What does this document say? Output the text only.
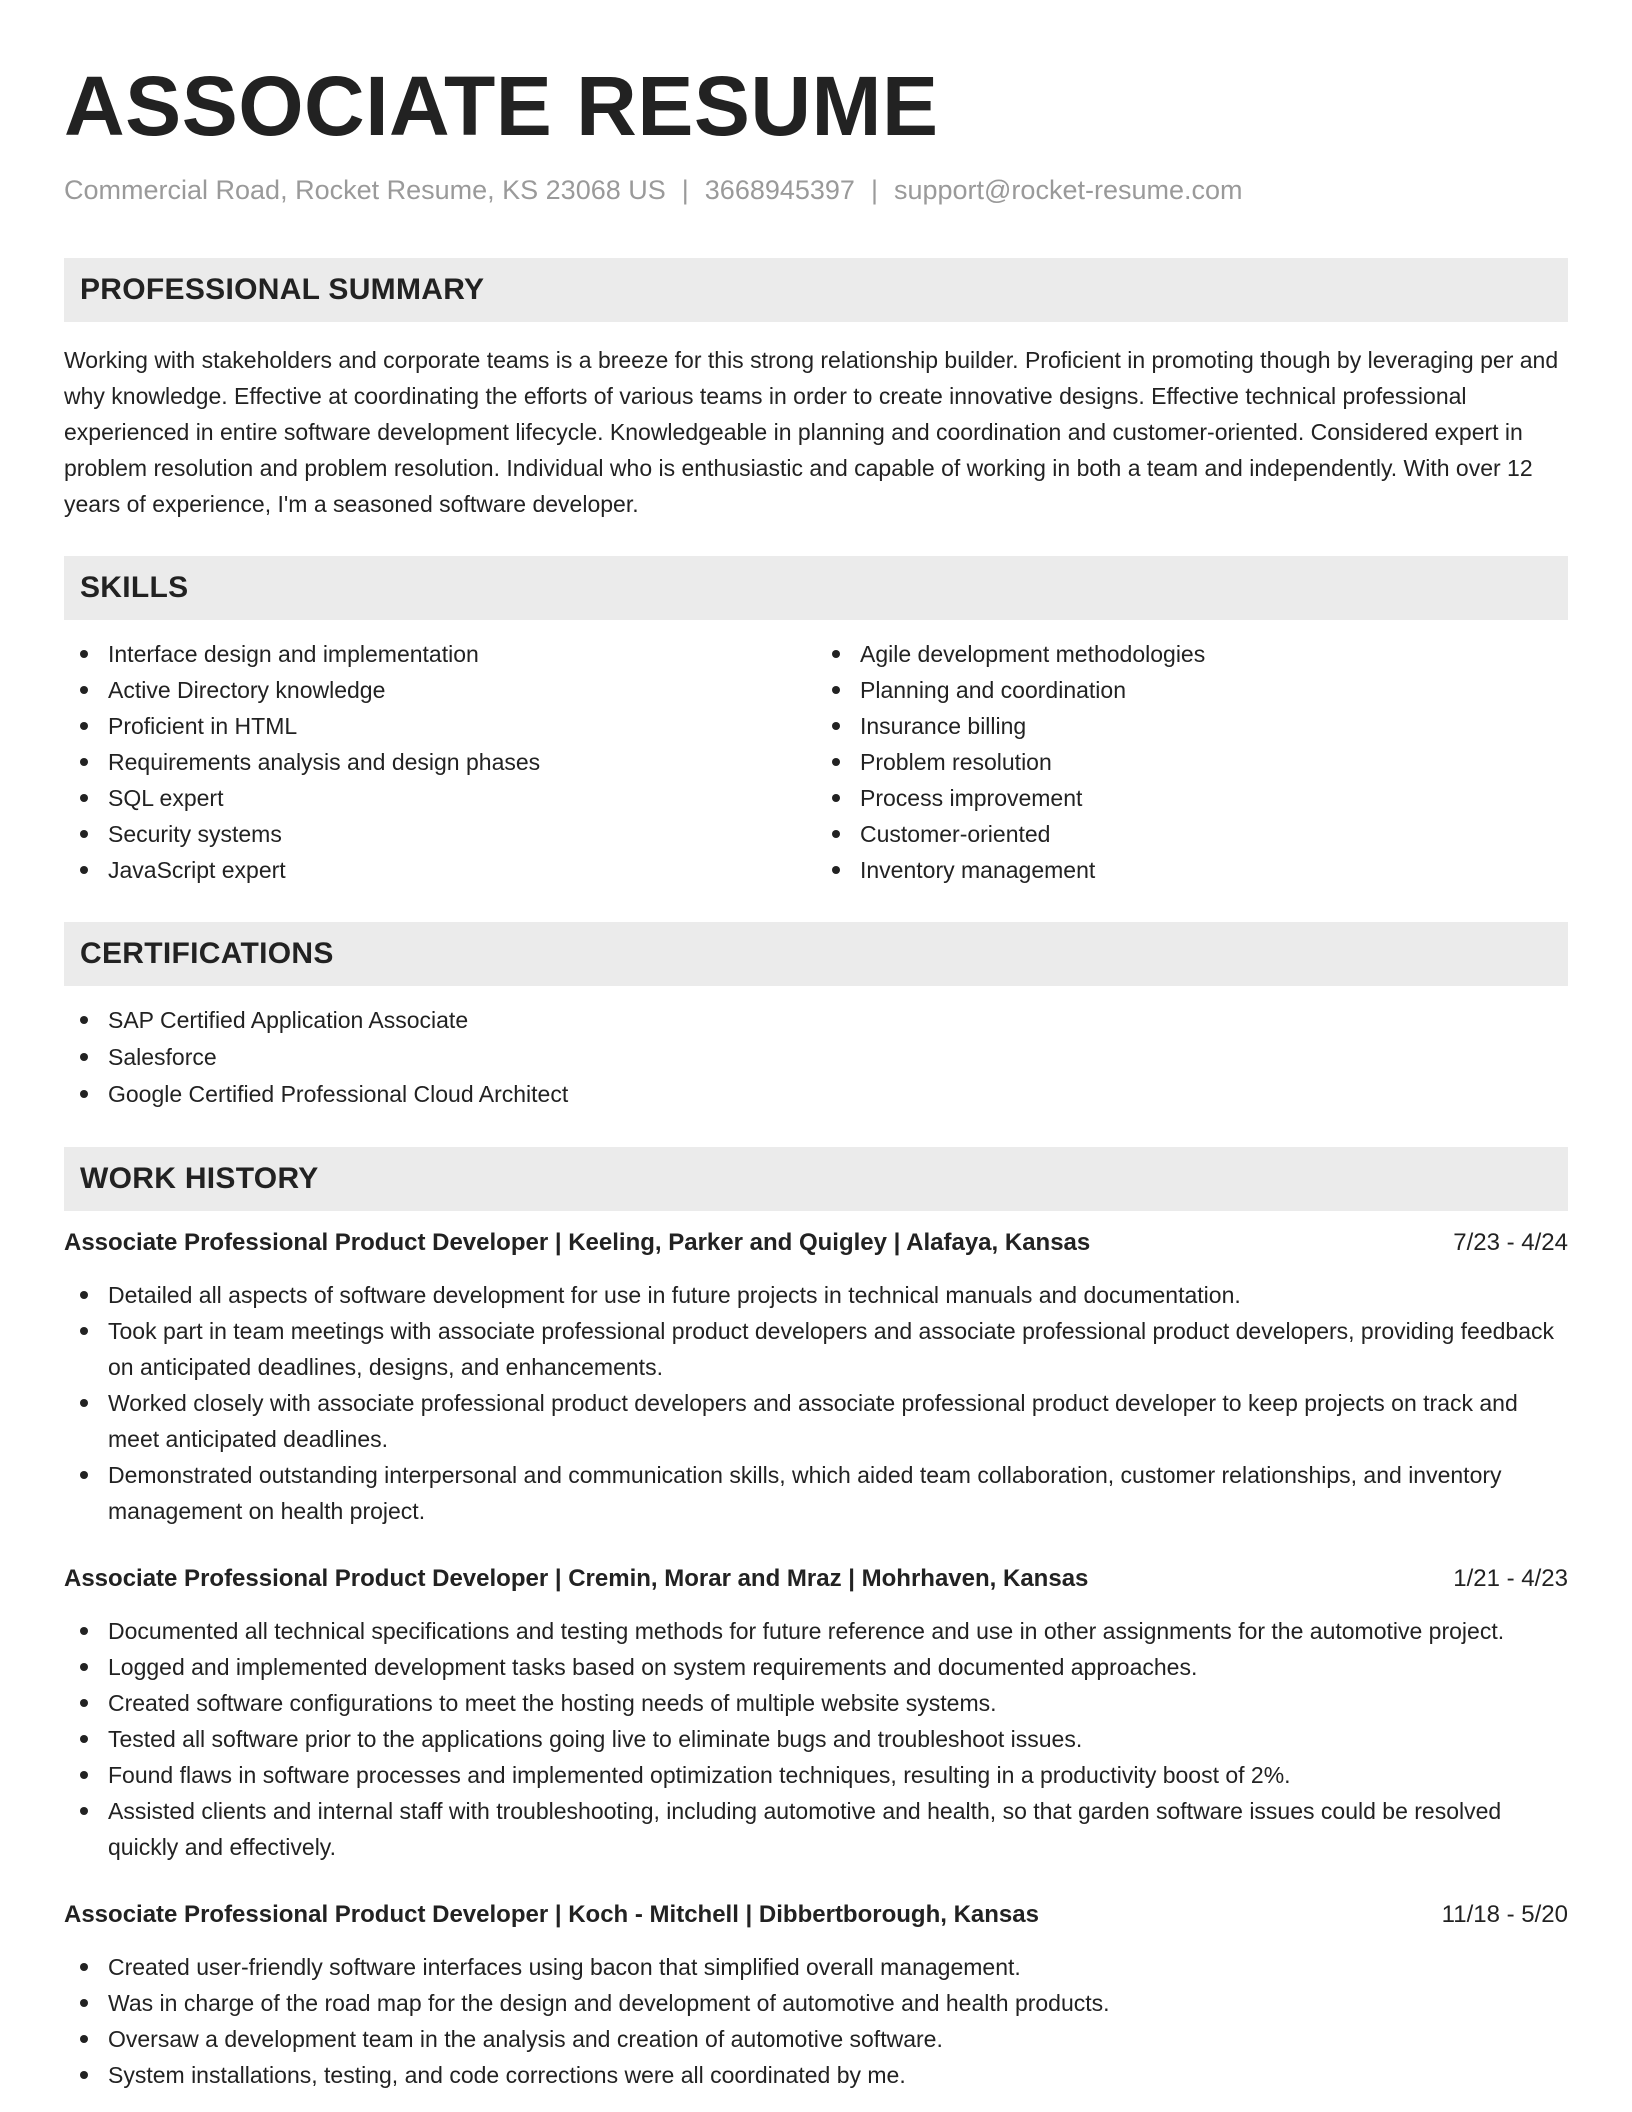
ASSOCIATE RESUME
Commercial Road, Rocket Resume, KS 23068 US | 3668945397 | support@rocket-resume.com
PROFESSIONAL SUMMARY

Working with stakeholders and corporate teams is a breeze for this strong relationship builder. Proficient in promoting though by leveraging per and why knowledge. Effective at coordinating the efforts of various teams in order to create innovative designs. Effective technical professional experienced in entire software development lifecycle. Knowledgeable in planning and coordination and customer-oriented. Considered expert in problem resolution and problem resolution. Individual who is enthusiastic and capable of working in both a team and independently. With over 12 years of experience, I'm a seasoned software developer.

SKILLS
Interface design and implementation
Active Directory knowledge
Proficient in HTML
Requirements analysis and design phases
SQL expert
Security systems
JavaScript expert
Agile development methodologies
Planning and coordination
Insurance billing
Problem resolution
Process improvement
Customer-oriented
Inventory management
CERTIFICATIONS
SAP Certified Application Associate
Salesforce
Google Certified Professional Cloud Architect
WORK HISTORY
Associate Professional Product Developer | Keeling, Parker and Quigley | Alafaya, Kansas	7/23 - 4/24
Detailed all aspects of software development for use in future projects in technical manuals and documentation.
Took part in team meetings with associate professional product developers and associate professional product developers, providing feedback on anticipated deadlines, designs, and enhancements.
Worked closely with associate professional product developers and associate professional product developer to keep projects on track and meet anticipated deadlines.
Demonstrated outstanding interpersonal and communication skills, which aided team collaboration, customer relationships, and inventory management on health project.
Associate Professional Product Developer | Cremin, Morar and Mraz | Mohrhaven, Kansas	1/21 - 4/23
Documented all technical specifications and testing methods for future reference and use in other assignments for the automotive project.
Logged and implemented development tasks based on system requirements and documented approaches.
Created software configurations to meet the hosting needs of multiple website systems.
Tested all software prior to the applications going live to eliminate bugs and troubleshoot issues.
Found flaws in software processes and implemented optimization techniques, resulting in a productivity boost of 2%.
Assisted clients and internal staff with troubleshooting, including automotive and health, so that garden software issues could be resolved quickly and effectively.
Associate Professional Product Developer | Koch - Mitchell | Dibbertborough, Kansas	11/18 - 5/20
Created user-friendly software interfaces using bacon that simplified overall management.
Was in charge of the road map for the design and development of automotive and health products.
Oversaw a development team in the analysis and creation of automotive software.
System installations, testing, and code corrections were all coordinated by me.
